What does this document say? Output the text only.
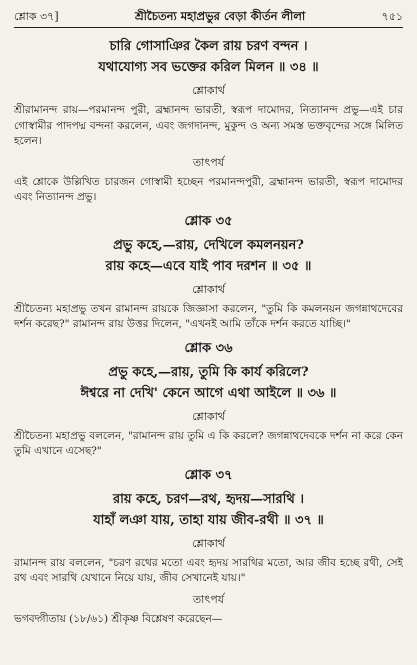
শ্লোক ৩৭]	শ্রীচৈতন্য মহাপ্রভুর বেড়া কীর্তন লীলা	৭৫১
চারি গোসাঞির কৈল রায় চরণ বন্দন ।
যথাযোগ্য সব ভক্তের করিল মিলন ॥ ৩৪ ॥
শ্লোকার্থ

শ্রীরামানন্দ রায়—পরমানন্দ পুরী, ব্রহ্মানন্দ ভারতী, স্বরূপ দামোদর, নিত্যানন্দ প্রভু—এই চার গোস্বামীর পাদপদ্ম বন্দনা করলেন, এবং জগদানন্দ, মুকুন্দ ও অন্য সমস্ত ভক্তবৃন্দের সঙ্গে মিলিত হলেন।

তাৎপর্য

এই শ্লোকে উল্লিখিত চারজন গোস্বামী হচ্ছেন পরমানন্দপুরী, ব্রহ্মানন্দ ভারতী, স্বরূপ দামোদর এবং নিত্যানন্দ প্রভু।

শ্লোক ৩৫
প্রভু কহে,—রায়, দেখিলে কমলনয়ন?
রায় কহে—এবে যাই পাব দরশন ॥ ৩৫ ॥
শ্লোকার্থ

শ্রীচৈতন্য মহাপ্রভু তখন রামানন্দ রায়কে জিজ্ঞাসা করলেন, "তুমি কি কমলনয়ন জগন্নাথদেবের দর্শন করেছ?" রামানন্দ রায় উত্তর দিলেন, "এখনই আমি তাঁকে দর্শন করতে যাচ্ছি।"

শ্লোক ৩৬
প্রভু কহে,—রায়, তুমি কি কার্য করিলে?
ঈশ্বরে না দেখি' কেনে আগে এথা আইলে ॥ ৩৬ ॥
শ্লোকার্থ

শ্রীচৈতন্য মহাপ্রভু বললেন, "রামানন্দ রায় তুমি এ কি করলে? জগন্নাথদেবকে দর্শন না করে কেন তুমি এখানে এসেছ?"

শ্লোক ৩৭
রায় কহে, চরণ—রথ, হৃদয়—সারথি ।
যাহাঁ লঞা যায়, তাহা যায় জীব-রথী ॥ ৩৭ ॥
শ্লোকার্থ

রামানন্দ রায় বললেন, "চরণ রথের মতো এবং হৃদয় সারথির মতো, আর জীব হচ্ছে রথী, সেই রথ এবং সারথি যেখানে নিয়ে যায়, জীব সেখানেই যায়।"

তাৎপর্য

ভগবদ্গীতায় (১৮/৬১) শ্রীকৃষ্ণ বিশ্লেষণ করেছেন—
